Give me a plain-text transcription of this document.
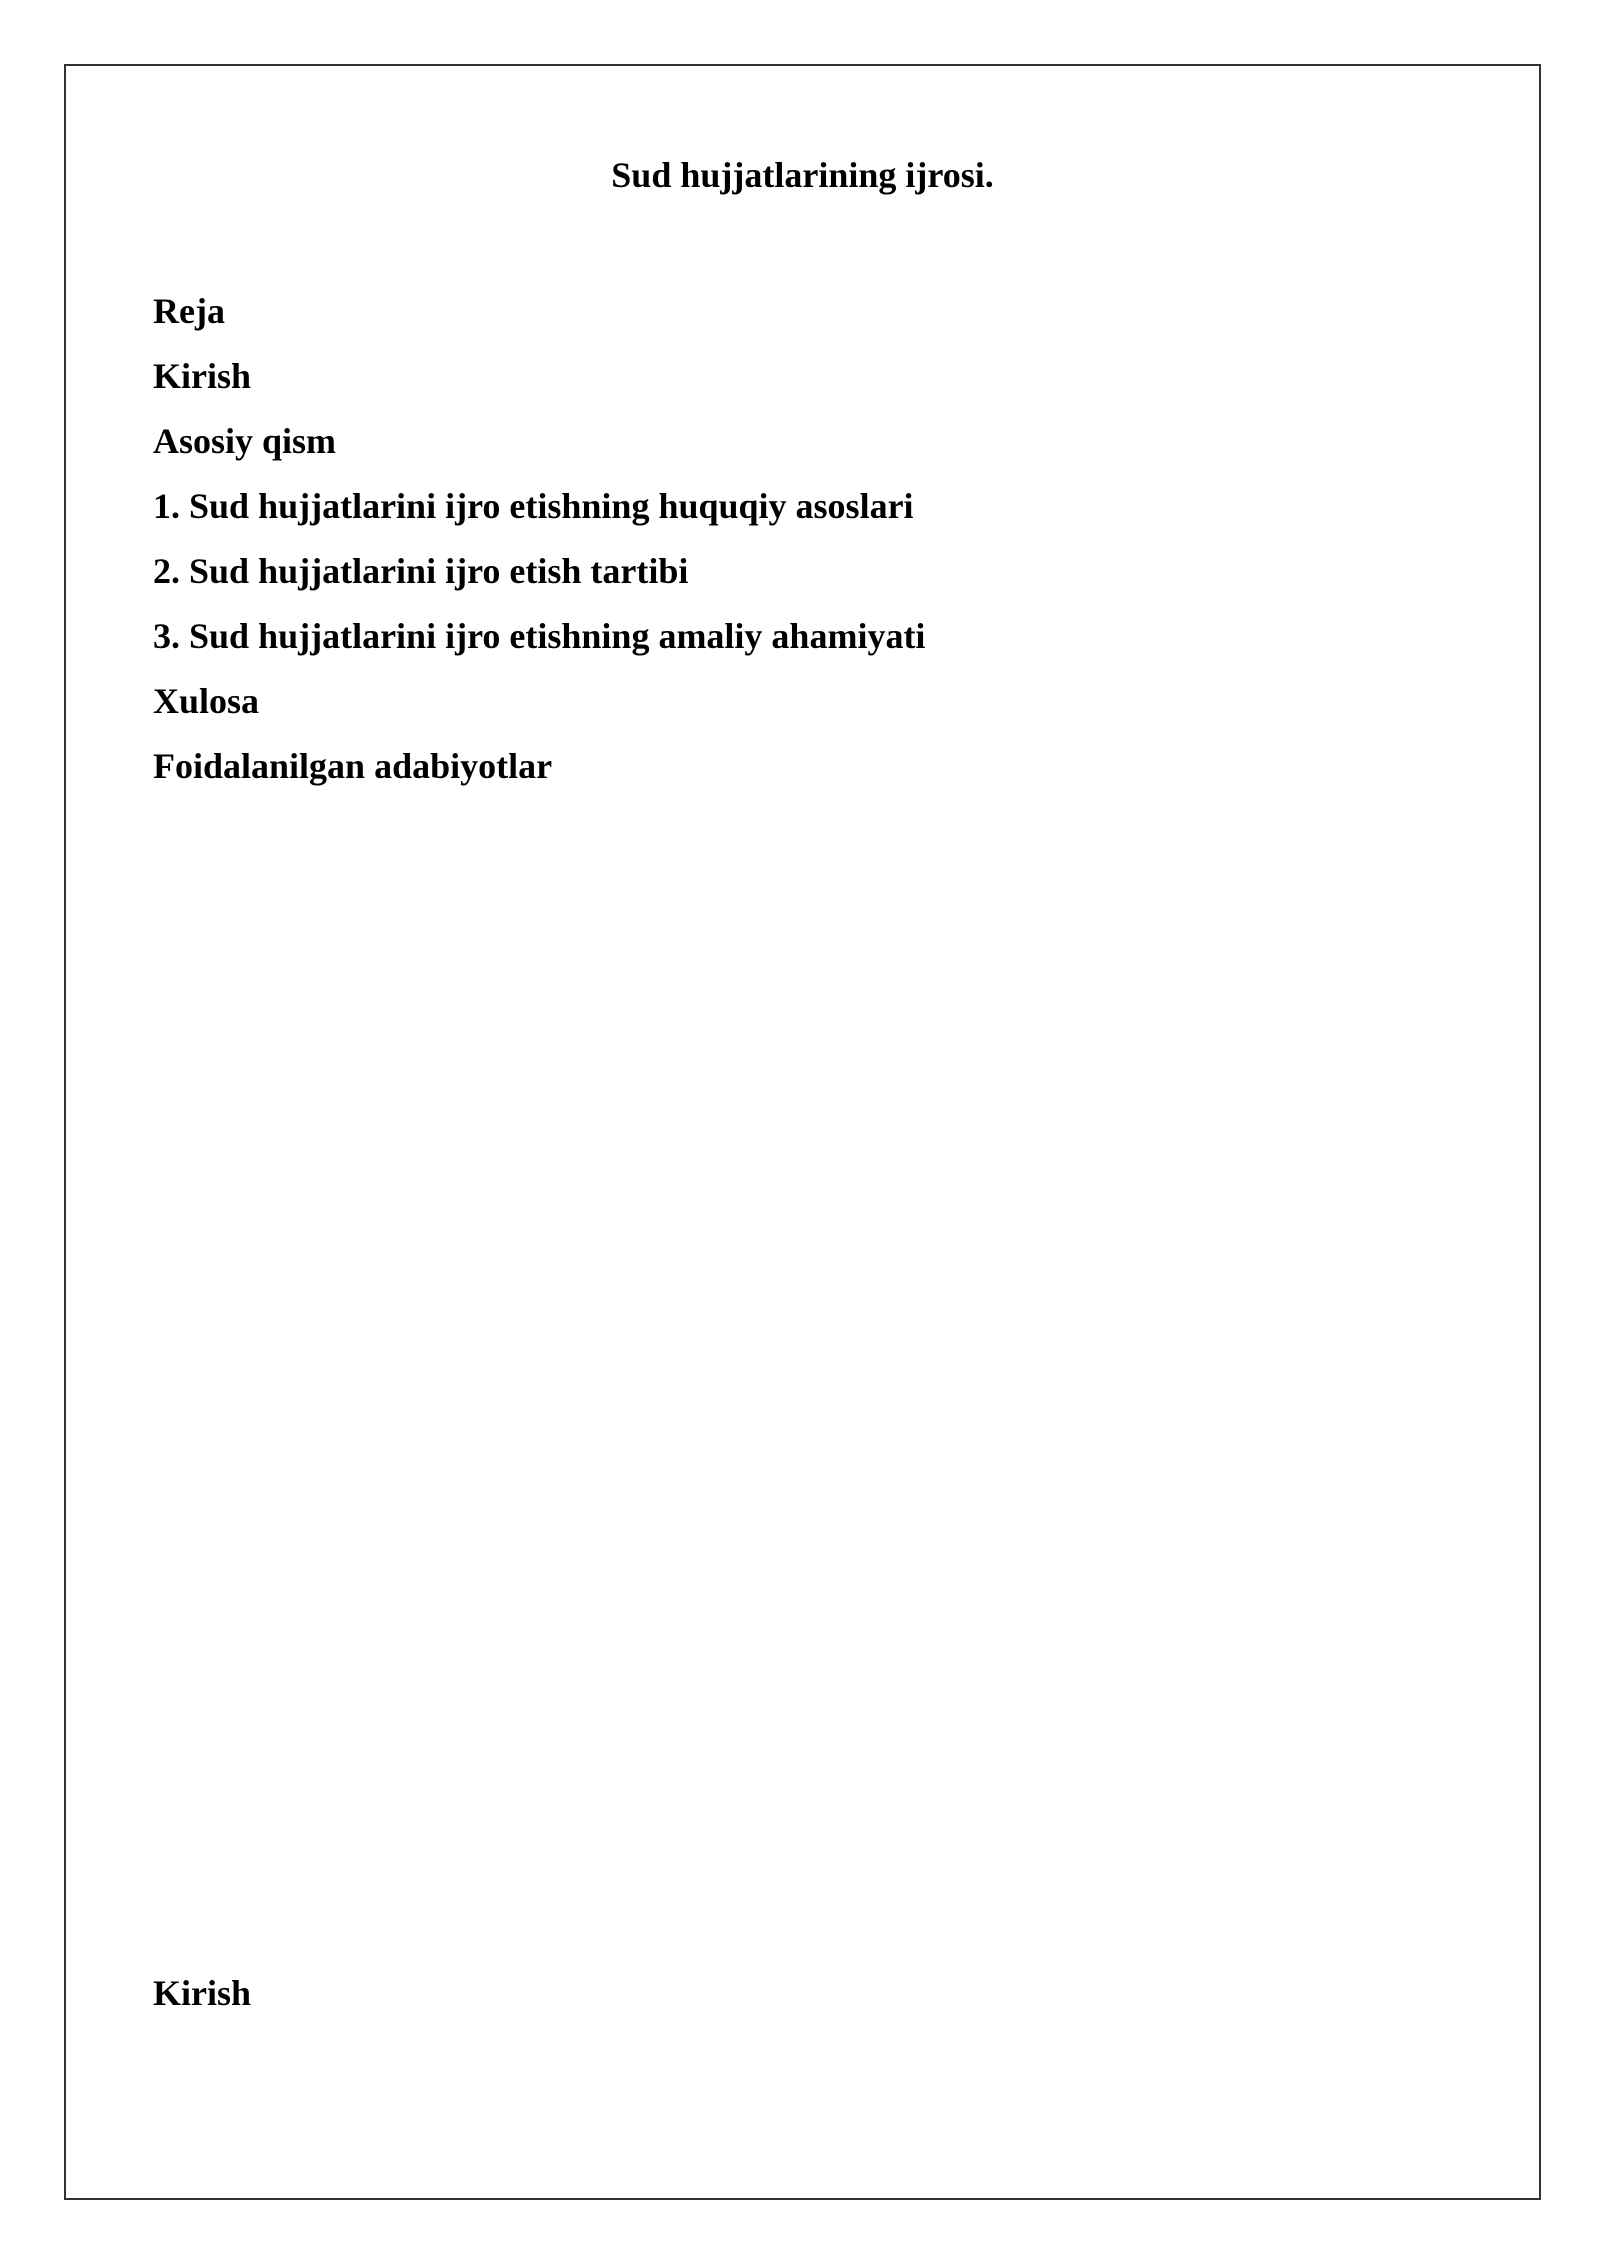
Sud hujjatlarining ijrosi.
Reja
Kirish
Asosiy qism
1. Sud hujjatlarini ijro etishning huquqiy asoslari
2. Sud hujjatlarini ijro etish tartibi
3. Sud hujjatlarini ijro etishning amaliy ahamiyati
Xulosa
Foidalanilgan adabiyotlar
Kirish
